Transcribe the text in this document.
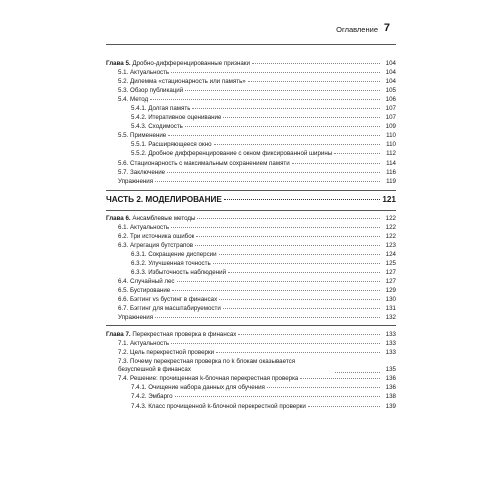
Оглавление 7
Глава 5. Дробно-дифференцированные признаки	104
5.1. Актуальность	104
5.2. Дилемма «стационарность или память»	104
5.3. Обзор публикаций	105
5.4. Метод	106
5.4.1. Долгая память	107
5.4.2. Итеративное оценивание	107
5.4.3. Сходимость	109
5.5. Применение	110
5.5.1. Расширяющееся окно	110
5.5.2. Дробное дифференцирование с окном фиксированной ширины	112
5.6. Стационарность с максимальным сохранением памяти	114
5.7. Заключение	116
Упражнения	119
ЧАСТЬ 2. МОДЕЛИРОВАНИЕ	121
Глава 6. Ансамблевые методы	122
6.1. Актуальность	122
6.2. Три источника ошибок	122
6.3. Агрегация бутстрапов	123
6.3.1. Сокращение дисперсии	124
6.3.2. Улучшенная точность	125
6.3.3. Избыточность наблюдений	127
6.4. Случайный лес	127
6.5. Бустирование	129
6.6. Бэггинг vs бустинг в финансах	130
6.7. Бэггинг для масштабируемости	131
Упражнения	132
Глава 7. Перекрестная проверка в финансах	133
7.1. Актуальность	133
7.2. Цель перекрестной проверки	133
7.3. Почему перекрестная проверка по k блокам оказывается безуспешной в финансах	135
7.4. Решение: прочищенная k-блочная перекрестная проверка	136
7.4.1. Очищение набора данных для обучения	136
7.4.2. Эмбарго	138
7.4.3. Класс прочищенной k-блочной перекрестной проверки	139
